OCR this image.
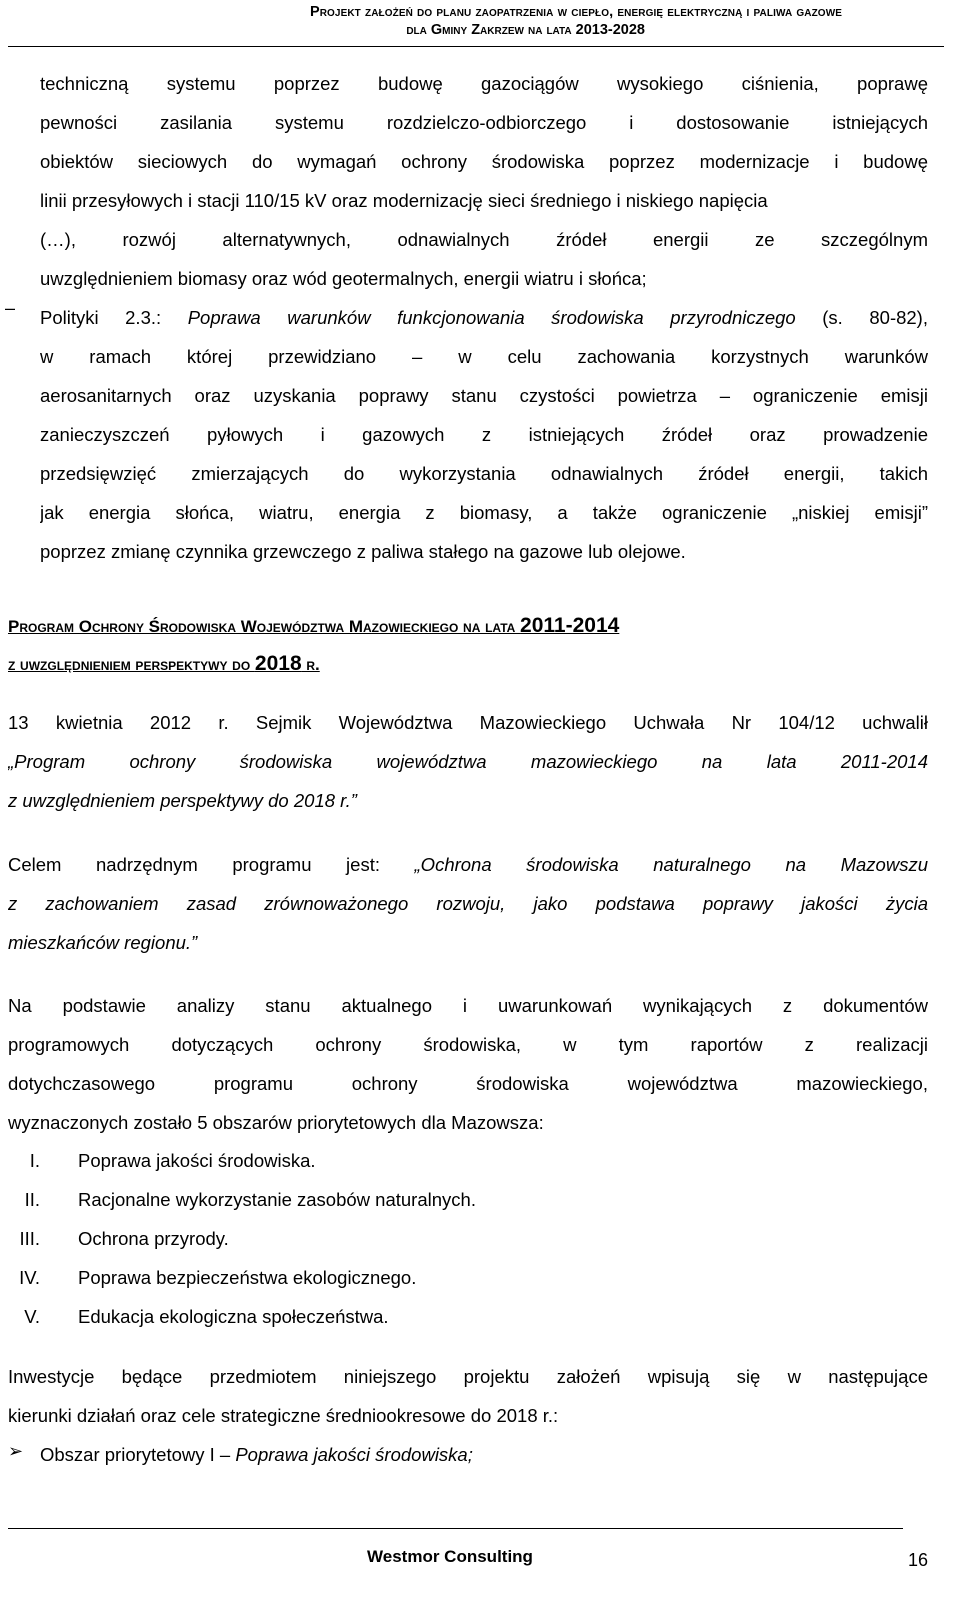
Projekt założeń do planu zaopatrzenia w ciepło, energię elektryczną i paliwa gazowe
dla Gminy Zakrzew na lata 2013-2028
techniczną systemu poprzez budowę gazociągów wysokiego ciśnienia, poprawę
pewności zasilania systemu rozdzielczo-odbiorczego i dostosowanie istniejących
obiektów sieciowych do wymagań ochrony środowiska poprzez modernizacje i budowę
linii przesyłowych i stacji 110/15 kV oraz modernizację sieci średniego i niskiego napięcia
(…), rozwój alternatywnych, odnawialnych źródeł energii ze szczególnym
uwzględnieniem biomasy oraz wód geotermalnych, energii wiatru i słońca;
– Polityki 2.3.: Poprawa warunków funkcjonowania środowiska przyrodniczego (s. 80-82),
w ramach której przewidziano – w celu zachowania korzystnych warunków
aerosanitarnych oraz uzyskania poprawy stanu czystości powietrza – ograniczenie emisji
zanieczyszczeń pyłowych i gazowych z istniejących źródeł oraz prowadzenie
przedsięwzięć zmierzających do wykorzystania odnawialnych źródeł energii, takich
jak energia słońca, wiatru, energia z biomasy, a także ograniczenie „niskiej emisji”
poprzez zmianę czynnika grzewczego z paliwa stałego na gazowe lub olejowe.
Program Ochrony Środowiska Województwa Mazowieckiego na lata 2011-2014
z uwzględnieniem perspektywy do 2018 r.
13 kwietnia 2012 r. Sejmik Województwa Mazowieckiego Uchwała Nr 104/12 uchwalił
„Program ochrony środowiska województwa mazowieckiego na lata 2011-2014
z uwzględnieniem perspektywy do 2018 r.”
Celem nadrzędnym programu jest: „Ochrona środowiska naturalnego na Mazowszu
z zachowaniem zasad zrównoważonego rozwoju, jako podstawa poprawy jakości życia
mieszkańców regionu.”
Na podstawie analizy stanu aktualnego i uwarunkowań wynikających z dokumentów
programowych dotyczących ochrony środowiska, w tym raportów z realizacji
dotychczasowego programu ochrony środowiska województwa mazowieckiego,
wyznaczonych zostało 5 obszarów priorytetowych dla Mazowsza:
I.	Poprawa jakości środowiska.
II.	Racjonalne wykorzystanie zasobów naturalnych.
III.	Ochrona przyrody.
IV.	Poprawa bezpieczeństwa ekologicznego.
V.	Edukacja ekologiczna społeczeństwa.
Inwestycje będące przedmiotem niniejszego projektu założeń wpisują się w następujące
kierunki działań oraz cele strategiczne średniookresowe do 2018 r.:
➢ Obszar priorytetowy I – Poprawa jakości środowiska;
Westmor Consulting	16
